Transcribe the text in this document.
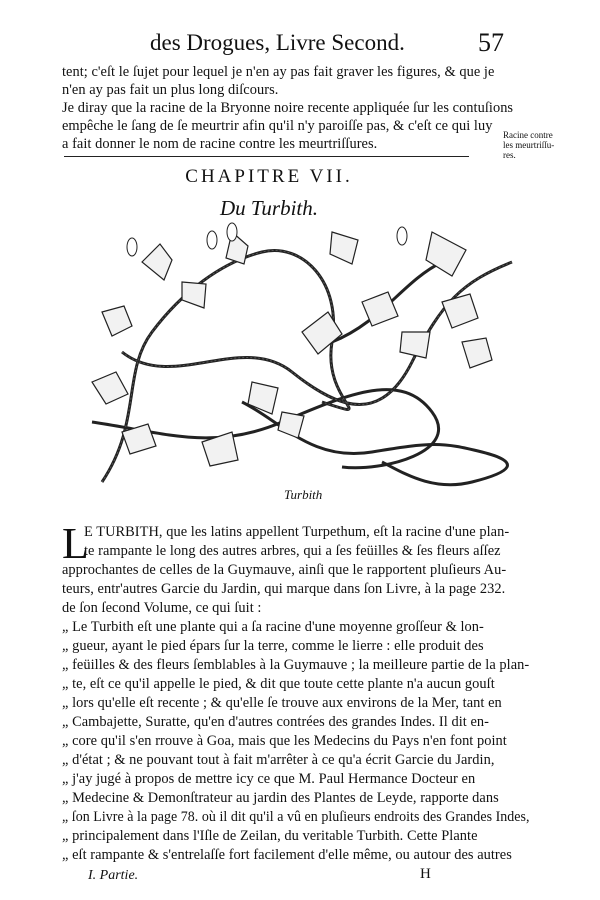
des Drogues, Livre Second.	57
tent; c'eſt le ſujet pour lequel je n'en ay pas fait graver les figures, & que je
n'en ay pas fait un plus long diſcours.
Je diray que la racine de la Bryonne noire recente appliquée ſur les contuſions
empêche le ſang de ſe meurtrir afin qu'il n'y paroiſſe pas, & c'eſt ce qui luy
a fait donner le nom de racine contre les meurtriſſures.
Racine contre
les meurtriſſu-
res.
CHAPITRE VII.
Du Turbith.
Turbith
L
E TURBITH, que les latins appellent Turpethum, eſt la racine d'une plan-
te rampante le long des autres arbres, qui a ſes feüilles & ſes fleurs aſſez
approchantes de celles de la Guymauve, ainſi que le rapportent pluſieurs Au-
teurs, entr'autres Garcie du Jardin, qui marque dans ſon Livre, à la page 232.
de ſon ſecond Volume, ce qui ſuit :
„ Le Turbith eſt une plante qui a ſa racine d'une moyenne groſſeur & lon-
„ gueur, ayant le pied épars ſur la terre, comme le lierre : elle produit des
„ feüilles & des fleurs ſemblables à la Guymauve ; la meilleure partie de la plan-
„ te, eſt ce qu'il appelle le pied, & dit que toute cette plante n'a aucun gouſt
„ lors qu'elle eſt recente ; & qu'elle ſe trouve aux environs de la Mer, tant en
„ Cambajette, Suratte, qu'en d'autres contrées des grandes Indes. Il dit en-
„ core qu'il s'en rrouve à Goa, mais que les Medecins du Pays n'en font point
„ d'état ; & ne pouvant tout à fait m'arrêter à ce qu'a écrit Garcie du Jardin,
„ j'ay jugé à propos de mettre icy ce que M. Paul Hermance Docteur en
„ Medecine & Demonſtrateur au jardin des Plantes de Leyde, rapporte dans
„ ſon Livre à la page 78. où il dit qu'il a vû en pluſieurs endroits des Grandes Indes,
„ principalement dans l'Iſle de Zeilan, du veritable Turbith. Cette Plante
„ eſt rampante & s'entrelaſſe fort facilement d'elle même, ou autour des autres
I. Partie.	H
